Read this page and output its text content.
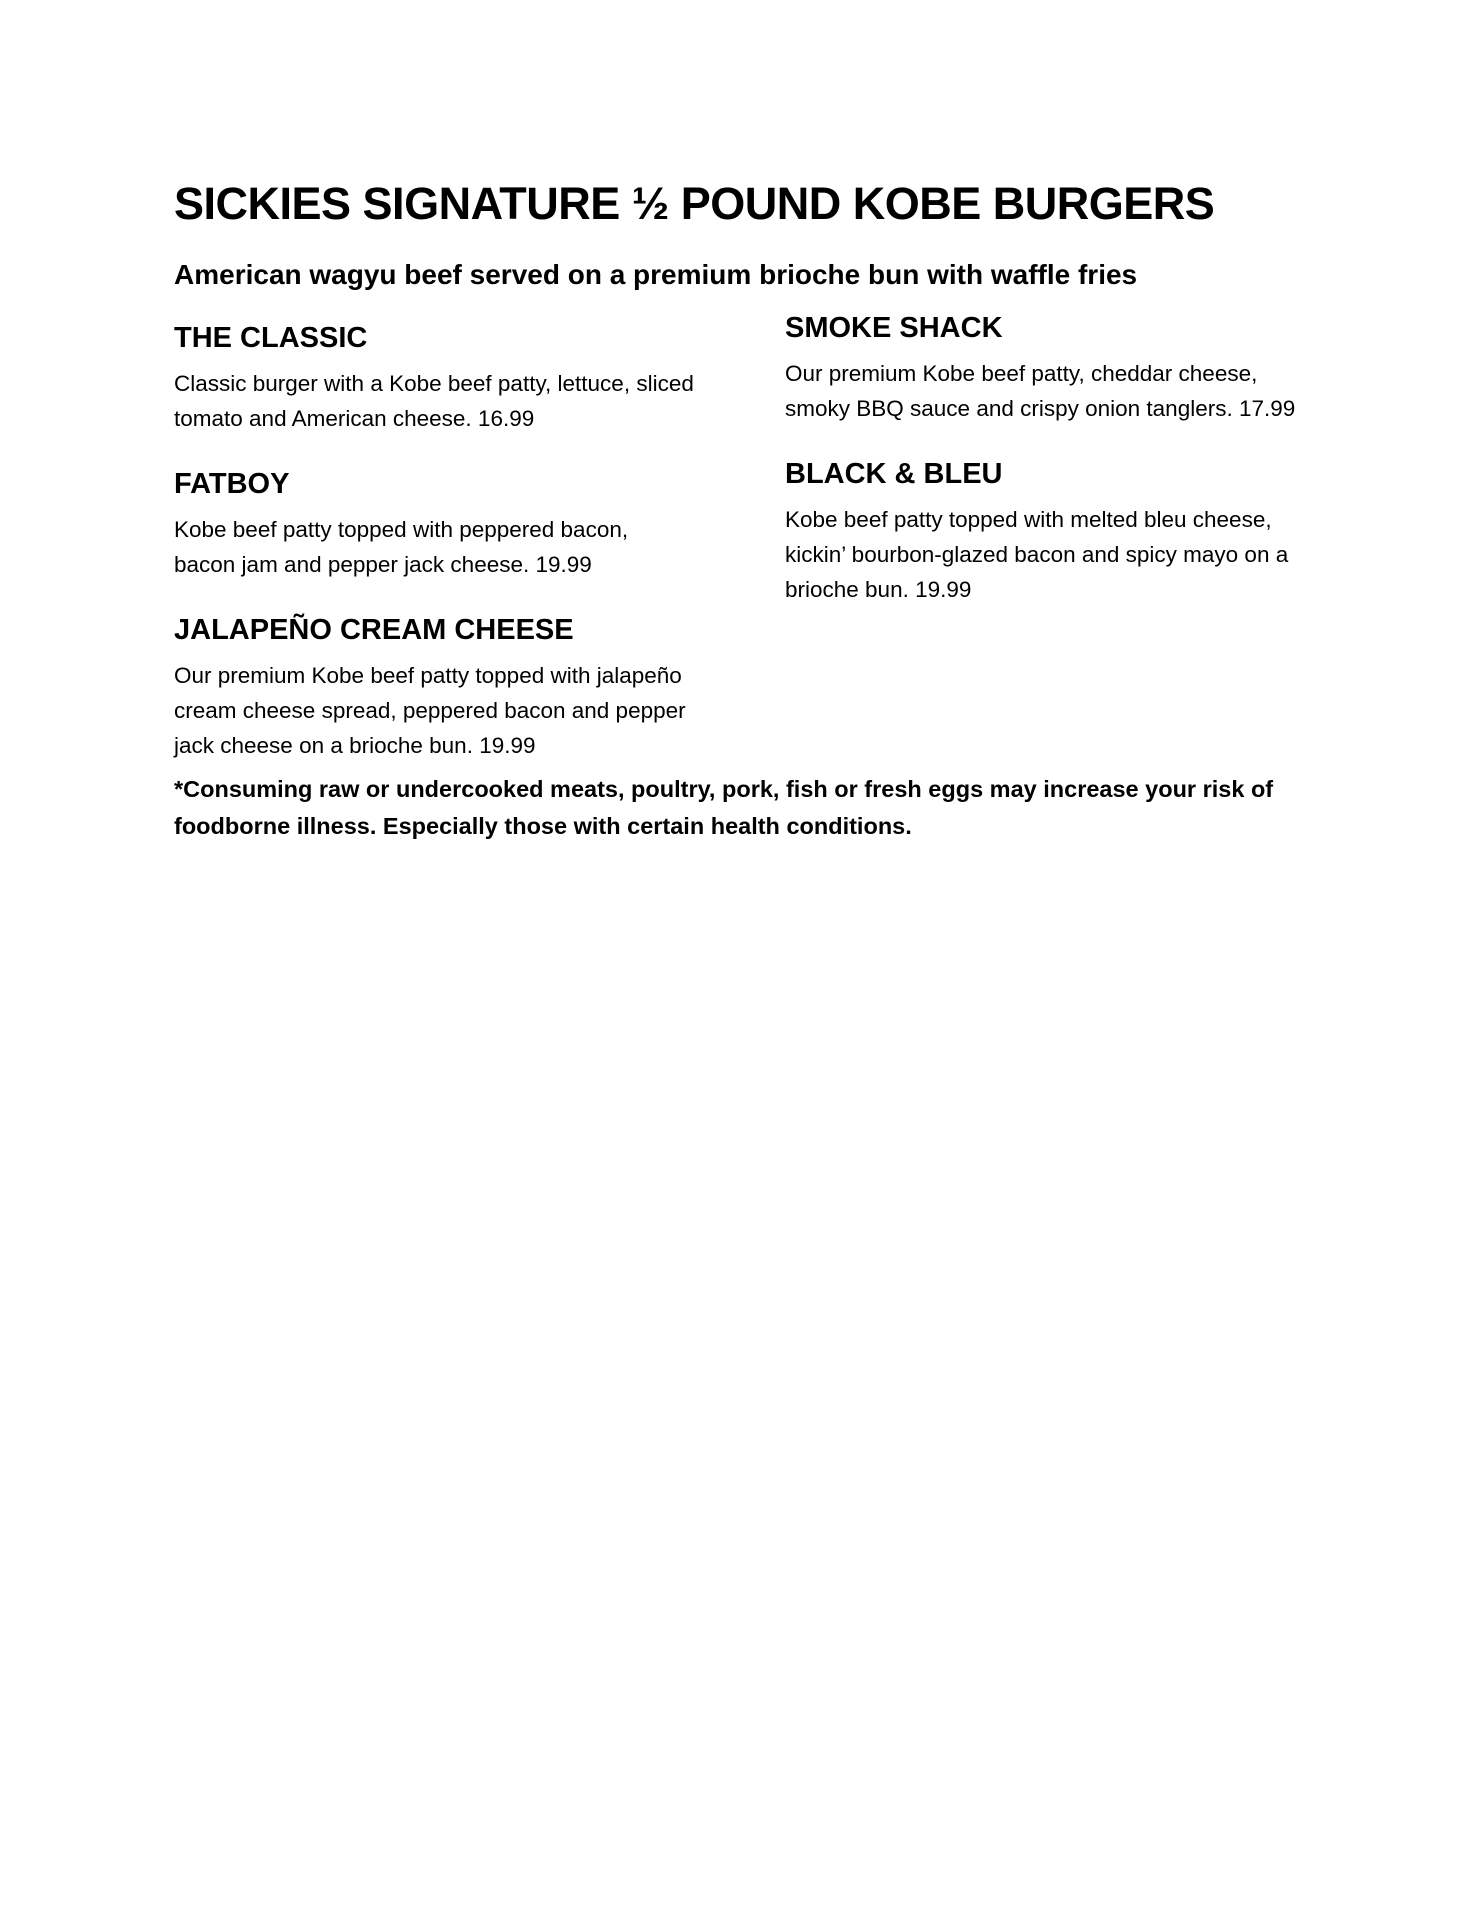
SICKIES SIGNATURE ½ POUND KOBE BURGERS
American wagyu beef served on a premium brioche bun with waffle fries
THE CLASSIC

Classic burger with a Kobe beef patty, lettuce, sliced tomato and American cheese. 16.99

FATBOY

Kobe beef patty topped with peppered bacon, bacon jam and pepper jack cheese. 19.99

JALAPEÑO CREAM CHEESE

Our premium Kobe beef patty topped with jalapeño cream cheese spread, peppered bacon and pepper jack cheese on a brioche bun. 19.99

SMOKE SHACK

Our premium Kobe beef patty, cheddar cheese, smoky BBQ sauce and crispy onion tanglers. 17.99

BLACK & BLEU

Kobe beef patty topped with melted bleu cheese, kickin’ bourbon-glazed bacon and spicy mayo on a brioche bun. 19.99

*Consuming raw or undercooked meats, poultry, pork, fish or fresh eggs may increase your risk of foodborne illness. Especially those with certain health conditions.
